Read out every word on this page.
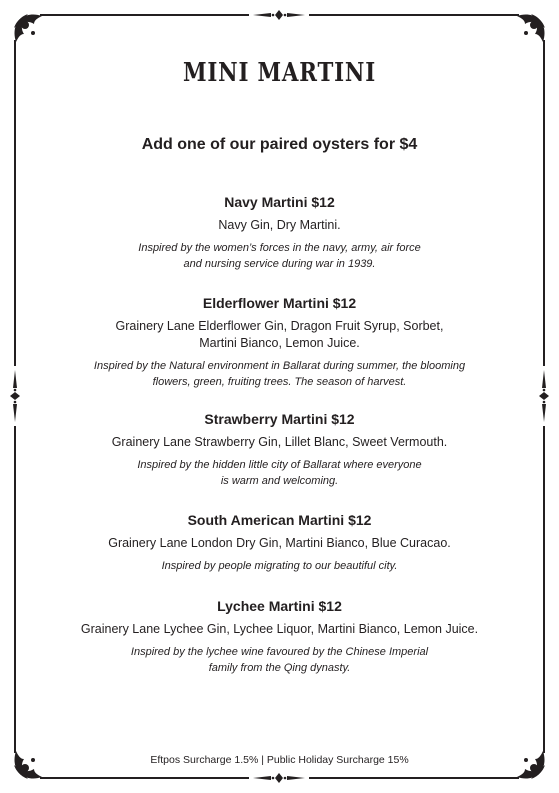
MINI MARTINI
Add one of our paired oysters for $4
Navy Martini $12
Navy Gin, Dry Martini.
Inspired by the women’s forces in the navy, army, air force
and nursing service during war in 1939.
Elderflower Martini $12
Grainery Lane Elderflower Gin, Dragon Fruit Syrup, Sorbet,
Martini Bianco, Lemon Juice.
Inspired by the Natural environment in Ballarat during summer, the blooming
flowers, green, fruiting trees. The season of harvest.
Strawberry Martini $12
Grainery Lane Strawberry Gin, Lillet Blanc, Sweet Vermouth.
Inspired by the hidden little city of Ballarat where everyone
is warm and welcoming.
South American Martini $12
Grainery Lane London Dry Gin, Martini Bianco, Blue Curacao.
Inspired by people migrating to our beautiful city.
Lychee Martini $12
Grainery Lane Lychee Gin, Lychee Liquor, Martini Bianco, Lemon Juice.
Inspired by the lychee wine favoured by the Chinese Imperial
family from the Qing dynasty.
Eftpos Surcharge 1.5% | Public Holiday Surcharge 15%
